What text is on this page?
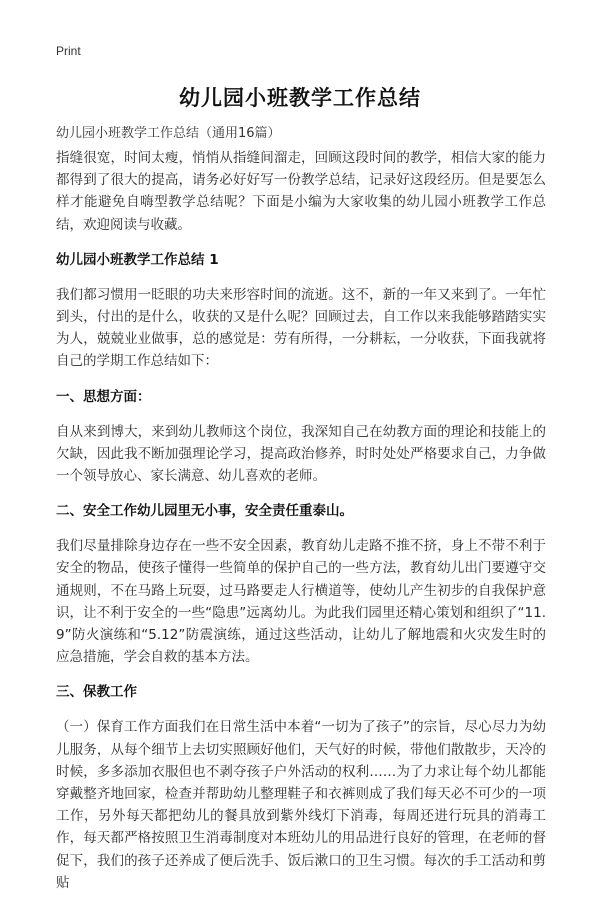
Print
幼儿园小班教学工作总结
幼儿园小班教学工作总结（通用16篇）

指缝很宽，时间太瘦，悄悄从指缝间溜走，回顾这段时间的教学，相信大家的能力都得到了很大的提高，请务必好好写一份教学总结，记录好这段经历。但是要怎么样才能避免自嗨型教学总结呢？下面是小编为大家收集的幼儿园小班教学工作总结，欢迎阅读与收藏。

幼儿园小班教学工作总结 1

我们都习惯用一眨眼的功夫来形容时间的流逝。这不，新的一年又来到了。一年忙到头，付出的是什么，收获的又是什么呢？回顾过去，自工作以来我能够踏踏实实为人，兢兢业业做事，总的感觉是：劳有所得，一分耕耘，一分收获，下面我就将自己的学期工作总结如下：

一、思想方面：

自从来到博大，来到幼儿教师这个岗位，我深知自己在幼教方面的理论和技能上的欠缺，因此我不断加强理论学习，提高政治修养，时时处处严格要求自己，力争做一个领导放心、家长满意、幼儿喜欢的老师。

二、安全工作幼儿园里无小事，安全责任重泰山。

我们尽量排除身边存在一些不安全因素，教育幼儿走路不推不挤，身上不带不利于安全的物品，使孩子懂得一些简单的保护自己的一些方法，教育幼儿出门要遵守交通规则，不在马路上玩耍，过马路要走人行横道等，使幼儿产生初步的自我保护意识，让不利于安全的一些“隐患”远离幼儿。为此我们园里还精心策划和组织了“11.9”防火演练和“5.12”防震演练，通过这些活动，让幼儿了解地震和火灾发生时的应急措施，学会自救的基本方法。

三、保教工作

（一）保育工作方面我们在日常生活中本着“一切为了孩子”的宗旨，尽心尽力为幼儿服务，从每个细节上去切实照顾好他们，天气好的时候，带他们散散步，天冷的时候，多多添加衣服但也不剥夺孩子户外活动的权利……为了力求让每个幼儿都能穿戴整齐地回家，检查并帮助幼儿整理鞋子和衣裤则成了我们每天必不可少的一项工作，另外每天都把幼儿的餐具放到紫外线灯下消毒，每周还进行玩具的消毒工作，每天都严格按照卫生消毒制度对本班幼儿的用品进行良好的管理，在老师的督促下，我们的孩子还养成了便后洗手、饭后漱口的卫生习惯。每次的手工活动和剪贴
